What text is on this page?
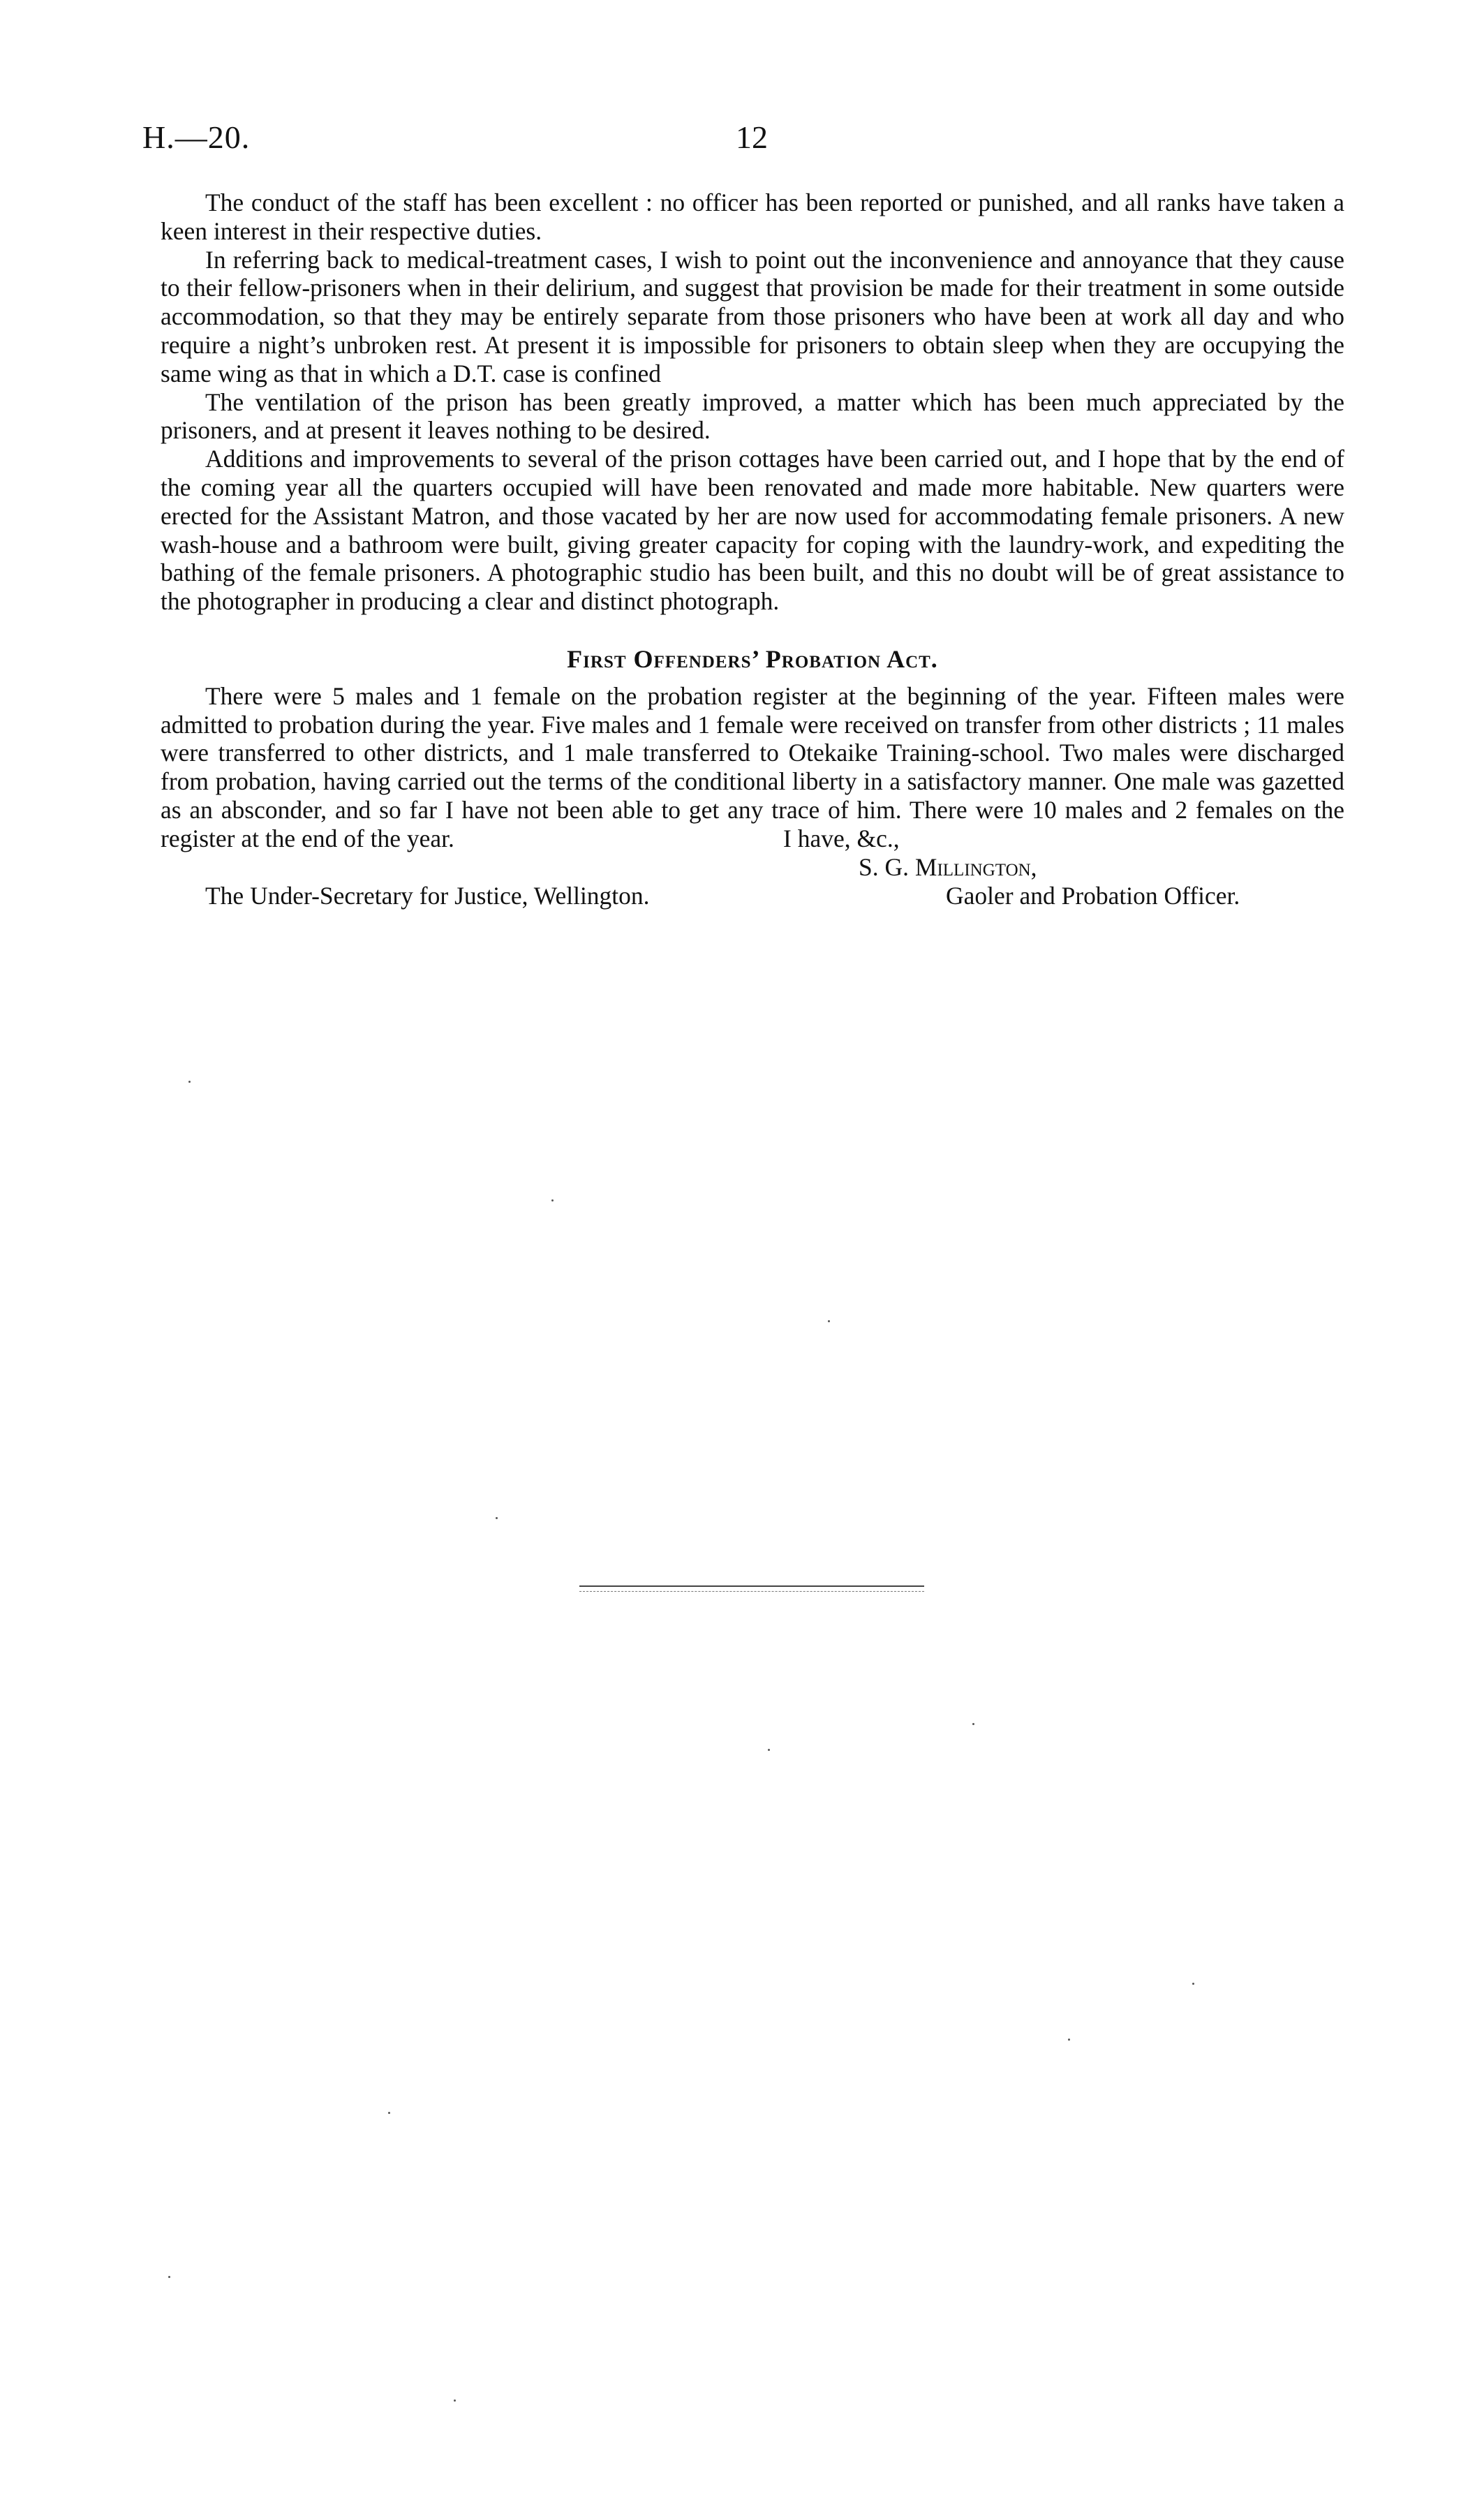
H.—20.	12

The conduct of the staff has been excellent : no officer has been reported or punished, and all ranks have taken a keen interest in their respective duties.

In referring back to medical-treatment cases, I wish to point out the inconvenience and annoyance that they cause to their fellow-prisoners when in their delirium, and suggest that provision be made for their treatment in some outside accommodation, so that they may be entirely separate from those prisoners who have been at work all day and who require a night’s unbroken rest. At present it is impossible for prisoners to obtain sleep when they are occupying the same wing as that in which a D.T. case is confined

The ventilation of the prison has been greatly improved, a matter which has been much appreciated by the prisoners, and at present it leaves nothing to be desired.

Additions and improvements to several of the prison cottages have been carried out, and I hope that by the end of the coming year all the quarters occupied will have been renovated and made more habitable. New quarters were erected for the Assistant Matron, and those vacated by her are now used for accommodating female prisoners. A new wash-house and a bathroom were built, giving greater capacity for coping with the laundry-work, and expediting the bathing of the female prisoners. A photographic studio has been built, and this no doubt will be of great assistance to the photographer in producing a clear and distinct photograph.

First Offenders’ Probation Act.

There were 5 males and 1 female on the probation register at the beginning of the year. Fifteen males were admitted to probation during the year. Five males and 1 female were received on transfer from other districts ; 11 males were transferred to other districts, and 1 male transferred to Otekaike Training-school. Two males were discharged from probation, having carried out the terms of the conditional liberty in a satisfactory manner. One male was gazetted as an absconder, and so far I have not been able to get any trace of him. There were 10 males and 2 females on the register at the end of the year.	I have, &c.,
S. G. Millington,
The Under-Secretary for Justice, Wellington.	Gaoler and Probation Officer.
